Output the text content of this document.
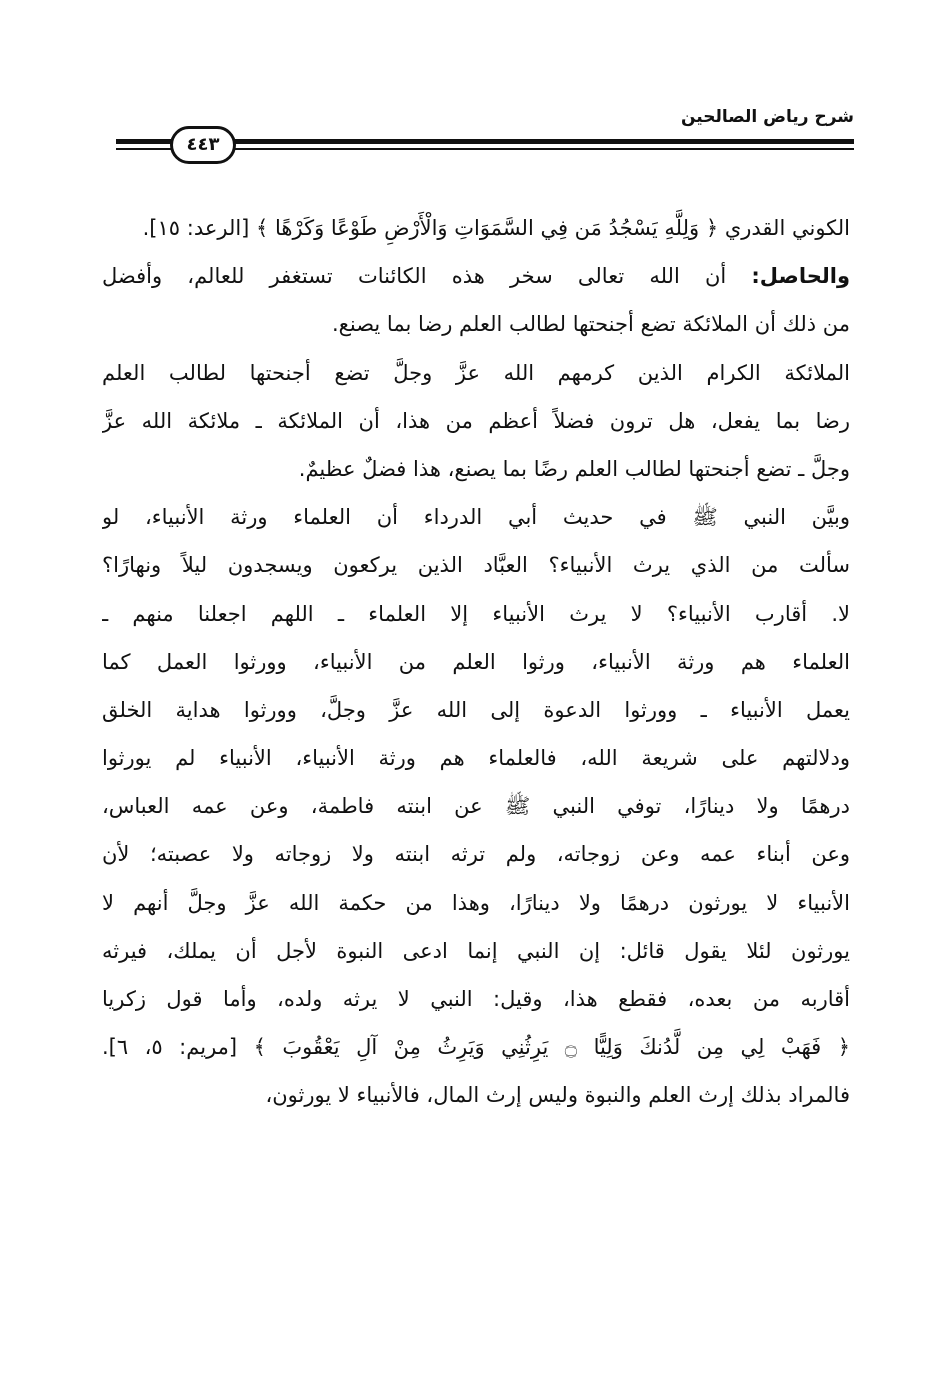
شرح رياض الصالحين
٤٤٣
الكوني القدري ﴿ وَلِلَّهِ يَسْجُدُ مَن فِي السَّمَوَاتِ وَالْأَرْضِ طَوْعًا وَكَرْهًا ﴾ [الرعد: ١٥].
والحاصل: أن الله تعالى سخر هذه الكائنات تستغفر للعالم، وأفضل
من ذلك أن الملائكة تضع أجنحتها لطالب العلم رضا بما يصنع.
الملائكة الكرام الذين كرمهم الله عزَّ وجلَّ تضع أجنحتها لطالب العلم
رضا بما يفعل، هل ترون فضلاً أعظم من هذا، أن الملائكة ـ ملائكة الله عزَّ
وجلَّ ـ تضع أجنحتها لطالب العلم رضًا بما يصنع، هذا فضلٌ عظيمٌ.
وبيَّن النبي ﷺ في حديث أبي الدرداء أن العلماء ورثة الأنبياء، لو
سألت من الذي يرث الأنبياء؟ العبَّاد الذين يركعون ويسجدون ليلاً ونهارًا؟
لا. أقارب الأنبياء؟ لا يرث الأنبياء إلا العلماء ـ اللهم اجعلنا منهم ـ
العلماء هم ورثة الأنبياء، ورثوا العلم من الأنبياء، وورثوا العمل كما
يعمل الأنبياء ـ وورثوا الدعوة إلى الله عزَّ وجلَّ، وورثوا هداية الخلق
ودلالتهم على شريعة الله، فالعلماء هم ورثة الأنبياء، الأنبياء لم يورثوا
درهمًا ولا دينارًا، توفي النبي ﷺ عن ابنته فاطمة، وعن عمه العباس،
وعن أبناء عمه وعن زوجاته، ولم ترثه ابنته ولا زوجاته ولا عصبته؛ لأن
الأنبياء لا يورثون درهمًا ولا دينارًا، وهذا من حكمة الله عزَّ وجلَّ أنهم لا
يورثون لئلا يقول قائل: إن النبي إنما ادعى النبوة لأجل أن يملك، فيرثه
أقاربه من بعده، فقطع هذا، وقيل: النبي لا يرثه ولده، وأما قول زكريا
﴿ فَهَبْ لِي مِن لَّدُنكَ وَلِيًّا ۝ يَرِثُنِي وَيَرِثُ مِنْ آلِ يَعْقُوبَ ﴾ [مريم: ٥، ٦].
فالمراد بذلك إرث العلم والنبوة وليس إرث المال، فالأنبياء لا يورثون،
